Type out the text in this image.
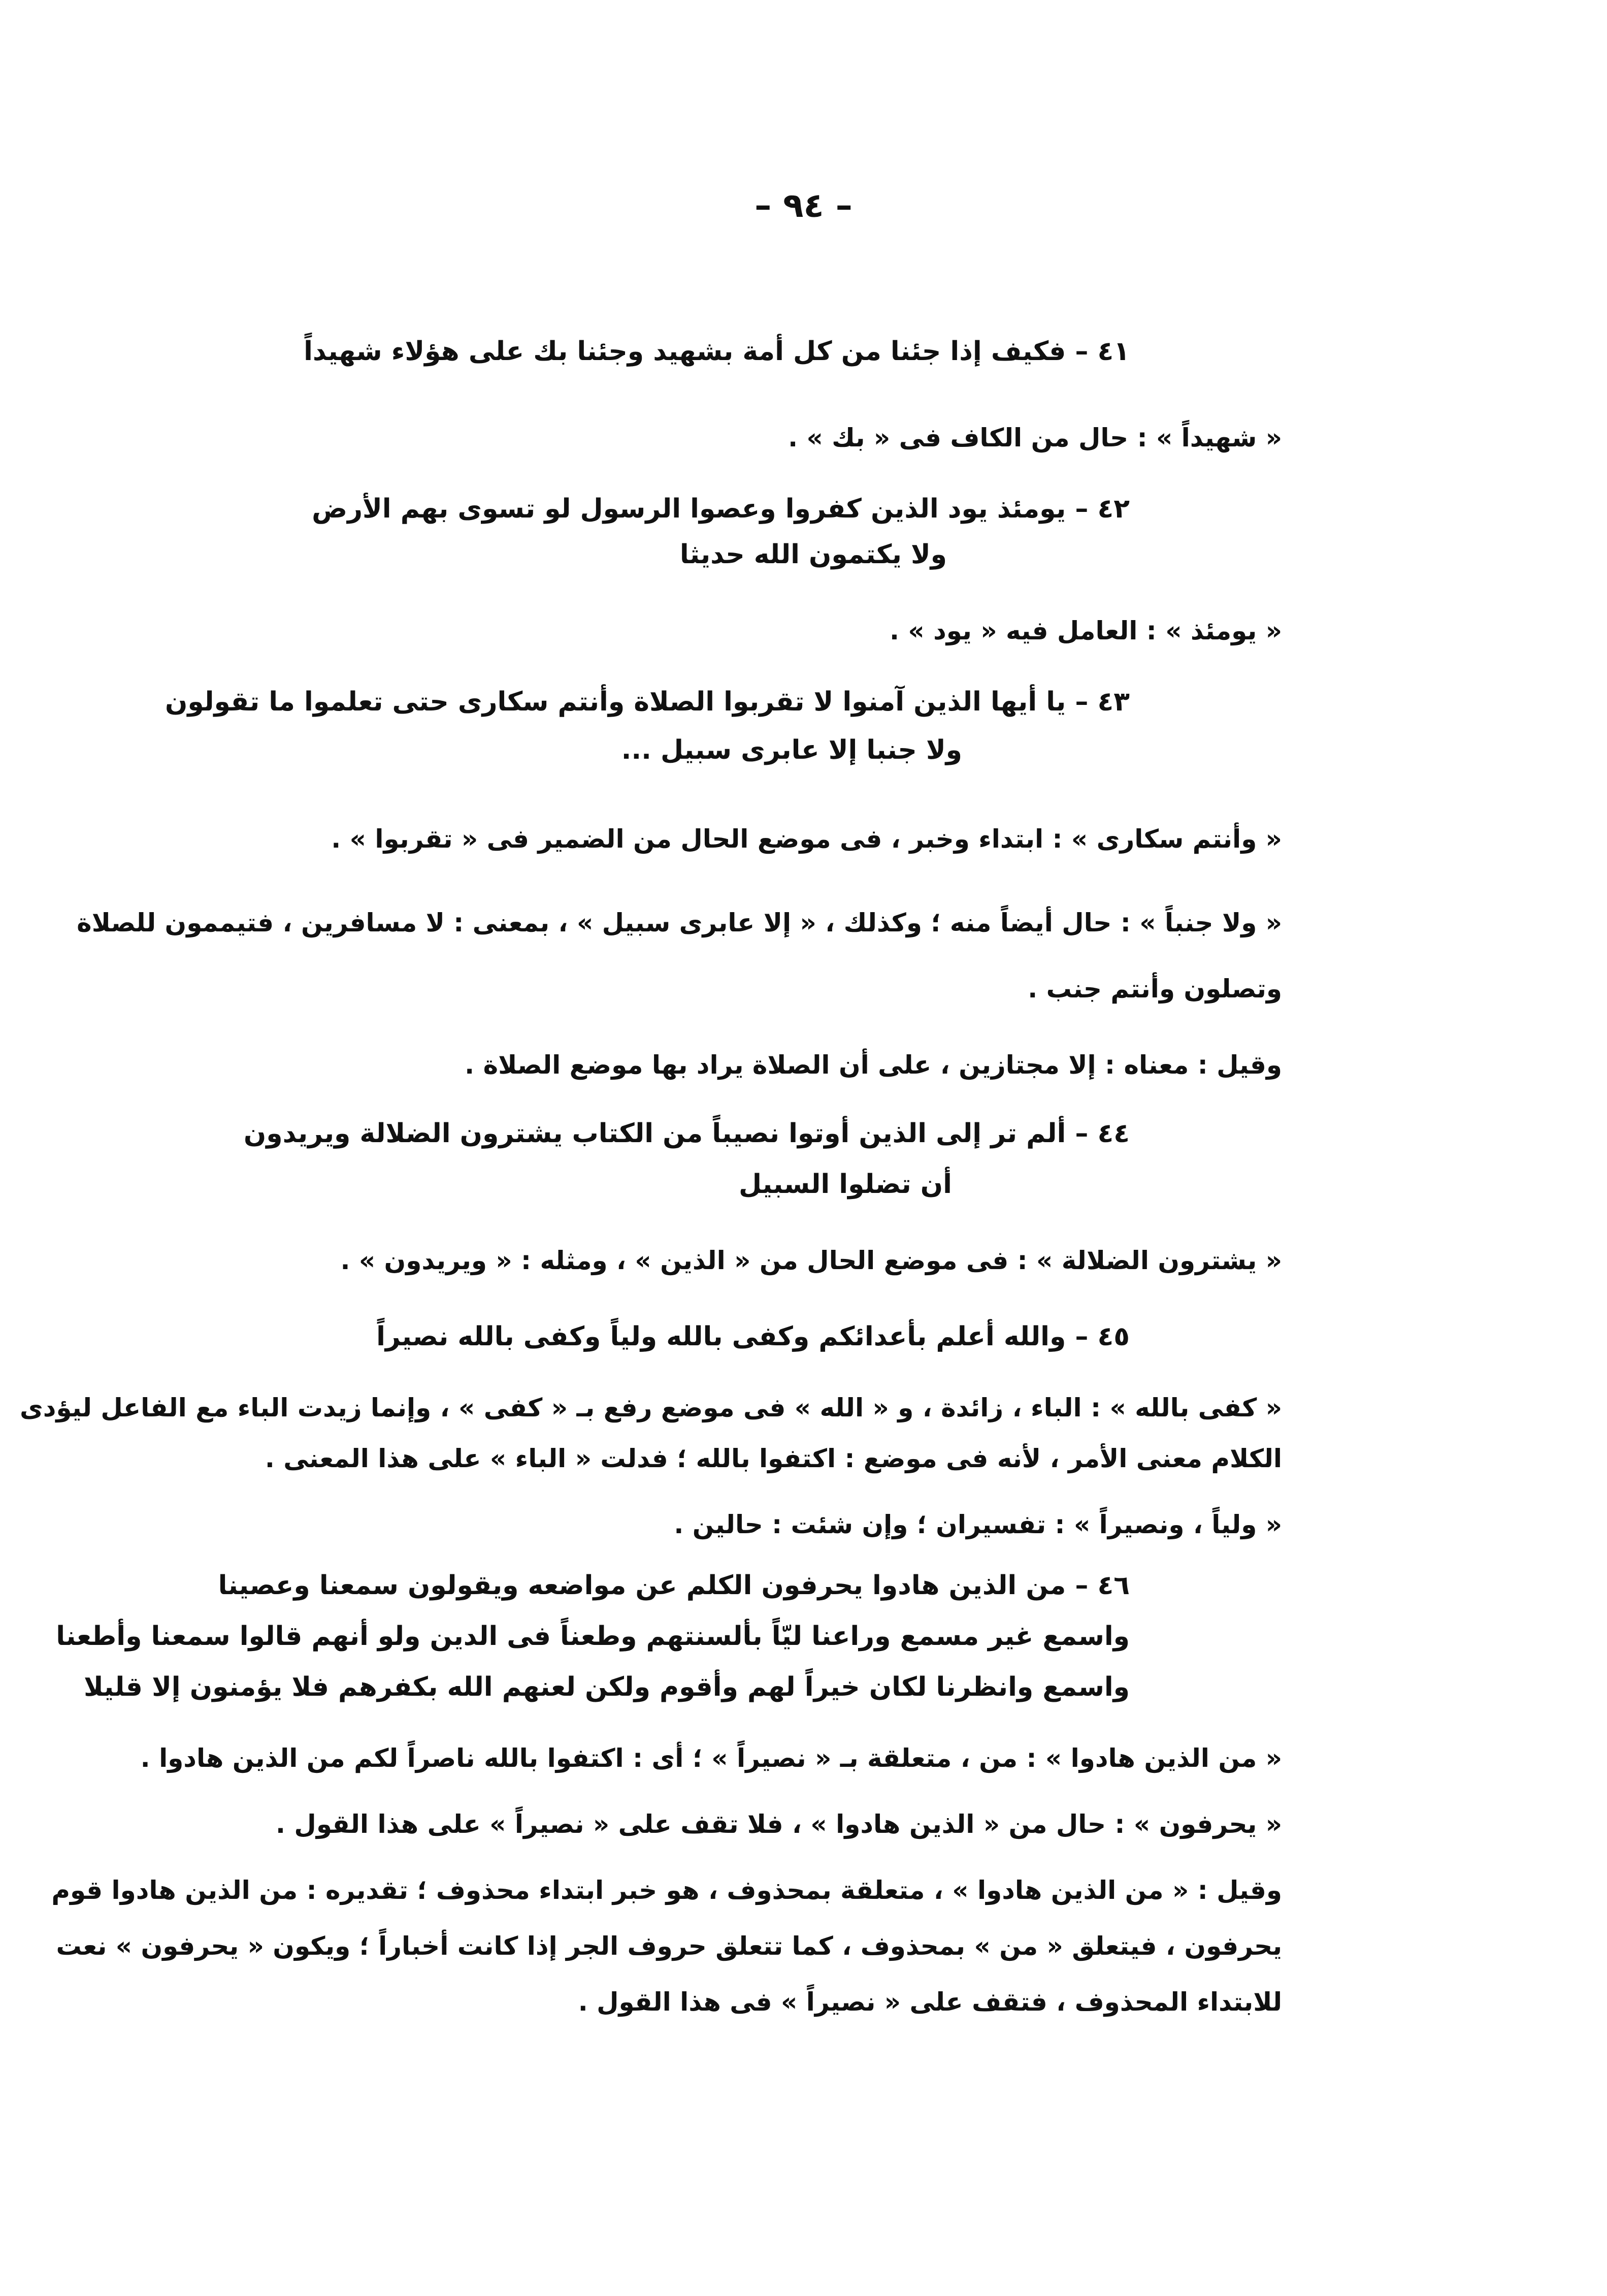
– ٩٤ –
٤١ – فكيف إذا جئنا من كل أمة بشهيد وجئنا بك على هؤلاء شهيداً
« شهيداً » : حال من الكاف فى « بك » .
٤٢ – يومئذ يود الذين كفروا وعصوا الرسول لو تسوى بهم الأرض
ولا يكتمون الله حديثا
« يومئذ » : العامل فيه « يود » .
٤٣ – يا أيها الذين آمنوا لا تقربوا الصلاة وأنتم سكارى حتى تعلموا ما تقولون
ولا جنبا إلا عابرى سبيل ...
« وأنتم سكارى » : ابتداء وخبر ، فى موضع الحال من الضمير فى « تقربوا » .
« ولا جنباً » : حال أيضاً منه ؛ وكذلك ، « إلا عابرى سبيل » ، بمعنى : لا مسافرين ، فتيممون للصلاة
وتصلون وأنتم جنب .
وقيل : معناه : إلا مجتازين ، على أن الصلاة يراد بها موضع الصلاة .
٤٤ – ألم تر إلى الذين أوتوا نصيباً من الكتاب يشترون الضلالة ويريدون
أن تضلوا السبيل
« يشترون الضلالة » : فى موضع الحال من « الذين » ، ومثله : « ويريدون » .
٤٥ – والله أعلم بأعدائكم وكفى بالله ولياً وكفى بالله نصيراً
« كفى بالله » : الباء ، زائدة ، و « الله » فى موضع رفع بـ « كفى » ، وإنما زيدت الباء مع الفاعل ليؤدى
الكلام معنى الأمر ، لأنه فى موضع : اكتفوا بالله ؛ فدلت « الباء » على هذا المعنى .
« ولياً ، ونصيراً » : تفسيران ؛ وإن شئت : حالين .
٤٦ – من الذين هادوا يحرفون الكلم عن مواضعه ويقولون سمعنا وعصينا
واسمع غير مسمع وراعنا ليّاً بألسنتهم وطعناً فى الدين ولو أنهم قالوا سمعنا وأطعنا
واسمع وانظرنا لكان خيراً لهم وأقوم ولكن لعنهم الله بكفرهم فلا يؤمنون إلا قليلا
« من الذين هادوا » : من ، متعلقة بـ « نصيراً » ؛ أى : اكتفوا بالله ناصراً لكم من الذين هادوا .
« يحرفون » : حال من « الذين هادوا » ، فلا تقف على « نصيراً » على هذا القول .
وقيل : « من الذين هادوا » ، متعلقة بمحذوف ، هو خبر ابتداء محذوف ؛ تقديره : من الذين هادوا قوم
يحرفون ، فيتعلق « من » بمحذوف ، كما تتعلق حروف الجر إذا كانت أخباراً ؛ ويكون « يحرفون » نعت
للابتداء المحذوف ، فتقف على « نصيراً » فى هذا القول .
